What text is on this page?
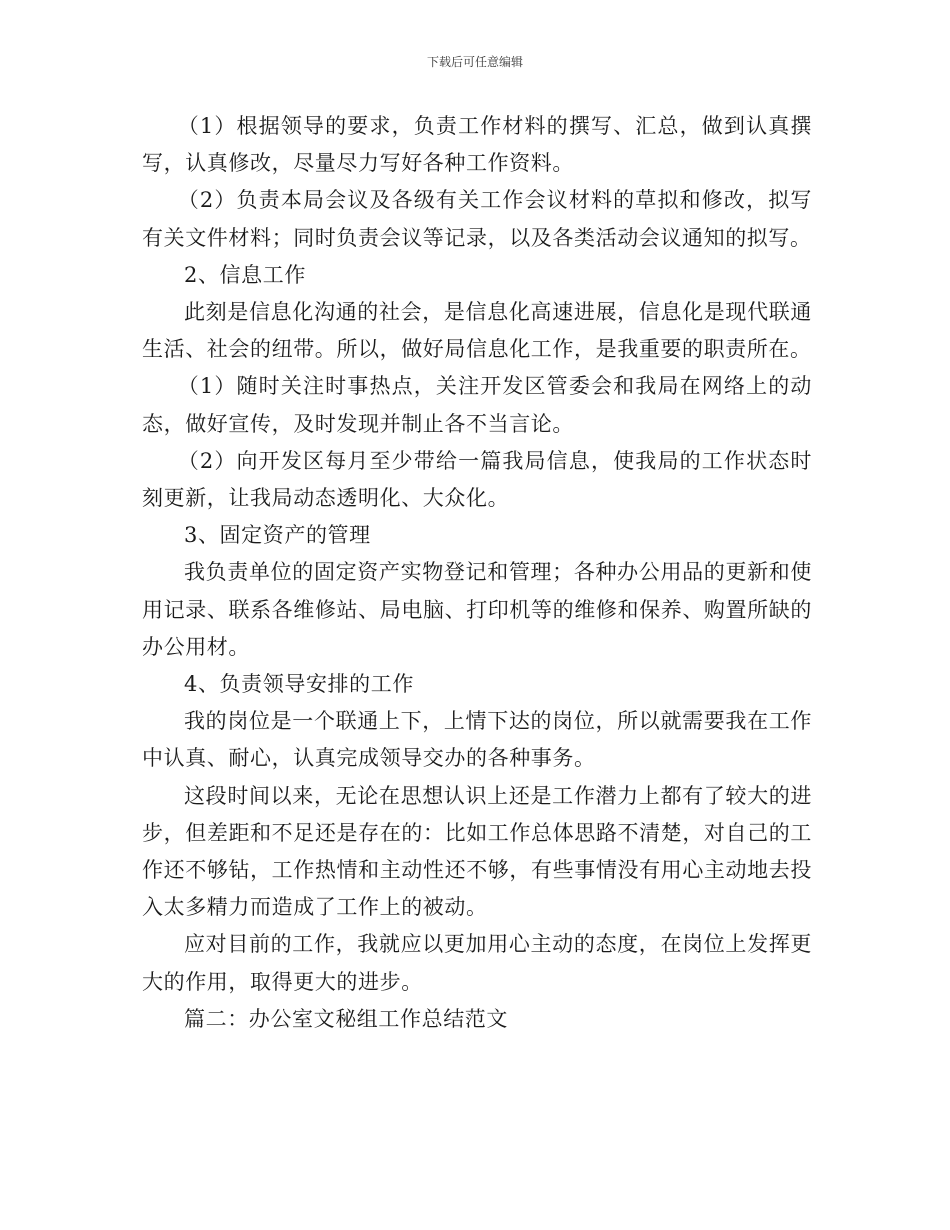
下载后可任意编辑

（1）根据领导的要求，负责工作材料的撰写、汇总，做到认真撰写，认真修改，尽量尽力写好各种工作资料。

（2）负责本局会议及各级有关工作会议材料的草拟和修改，拟写有关文件材料；同时负责会议等记录，以及各类活动会议通知的拟写。

2、信息工作

此刻是信息化沟通的社会，是信息化高速进展，信息化是现代联通生活、社会的纽带。所以，做好局信息化工作，是我重要的职责所在。

（1）随时关注时事热点，关注开发区管委会和我局在网络上的动态，做好宣传，及时发现并制止各不当言论。

（2）向开发区每月至少带给一篇我局信息，使我局的工作状态时刻更新，让我局动态透明化、大众化。

3、固定资产的管理

我负责单位的固定资产实物登记和管理；各种办公用品的更新和使用记录、联系各维修站、局电脑、打印机等的维修和保养、购置所缺的办公用材。

4、负责领导安排的工作

我的岗位是一个联通上下，上情下达的岗位，所以就需要我在工作中认真、耐心，认真完成领导交办的各种事务。

这段时间以来，无论在思想认识上还是工作潜力上都有了较大的进步，但差距和不足还是存在的：比如工作总体思路不清楚，对自己的工作还不够钻，工作热情和主动性还不够，有些事情没有用心主动地去投入太多精力而造成了工作上的被动。

应对目前的工作，我就应以更加用心主动的态度，在岗位上发挥更大的作用，取得更大的进步。

篇二：办公室文秘组工作总结范文
